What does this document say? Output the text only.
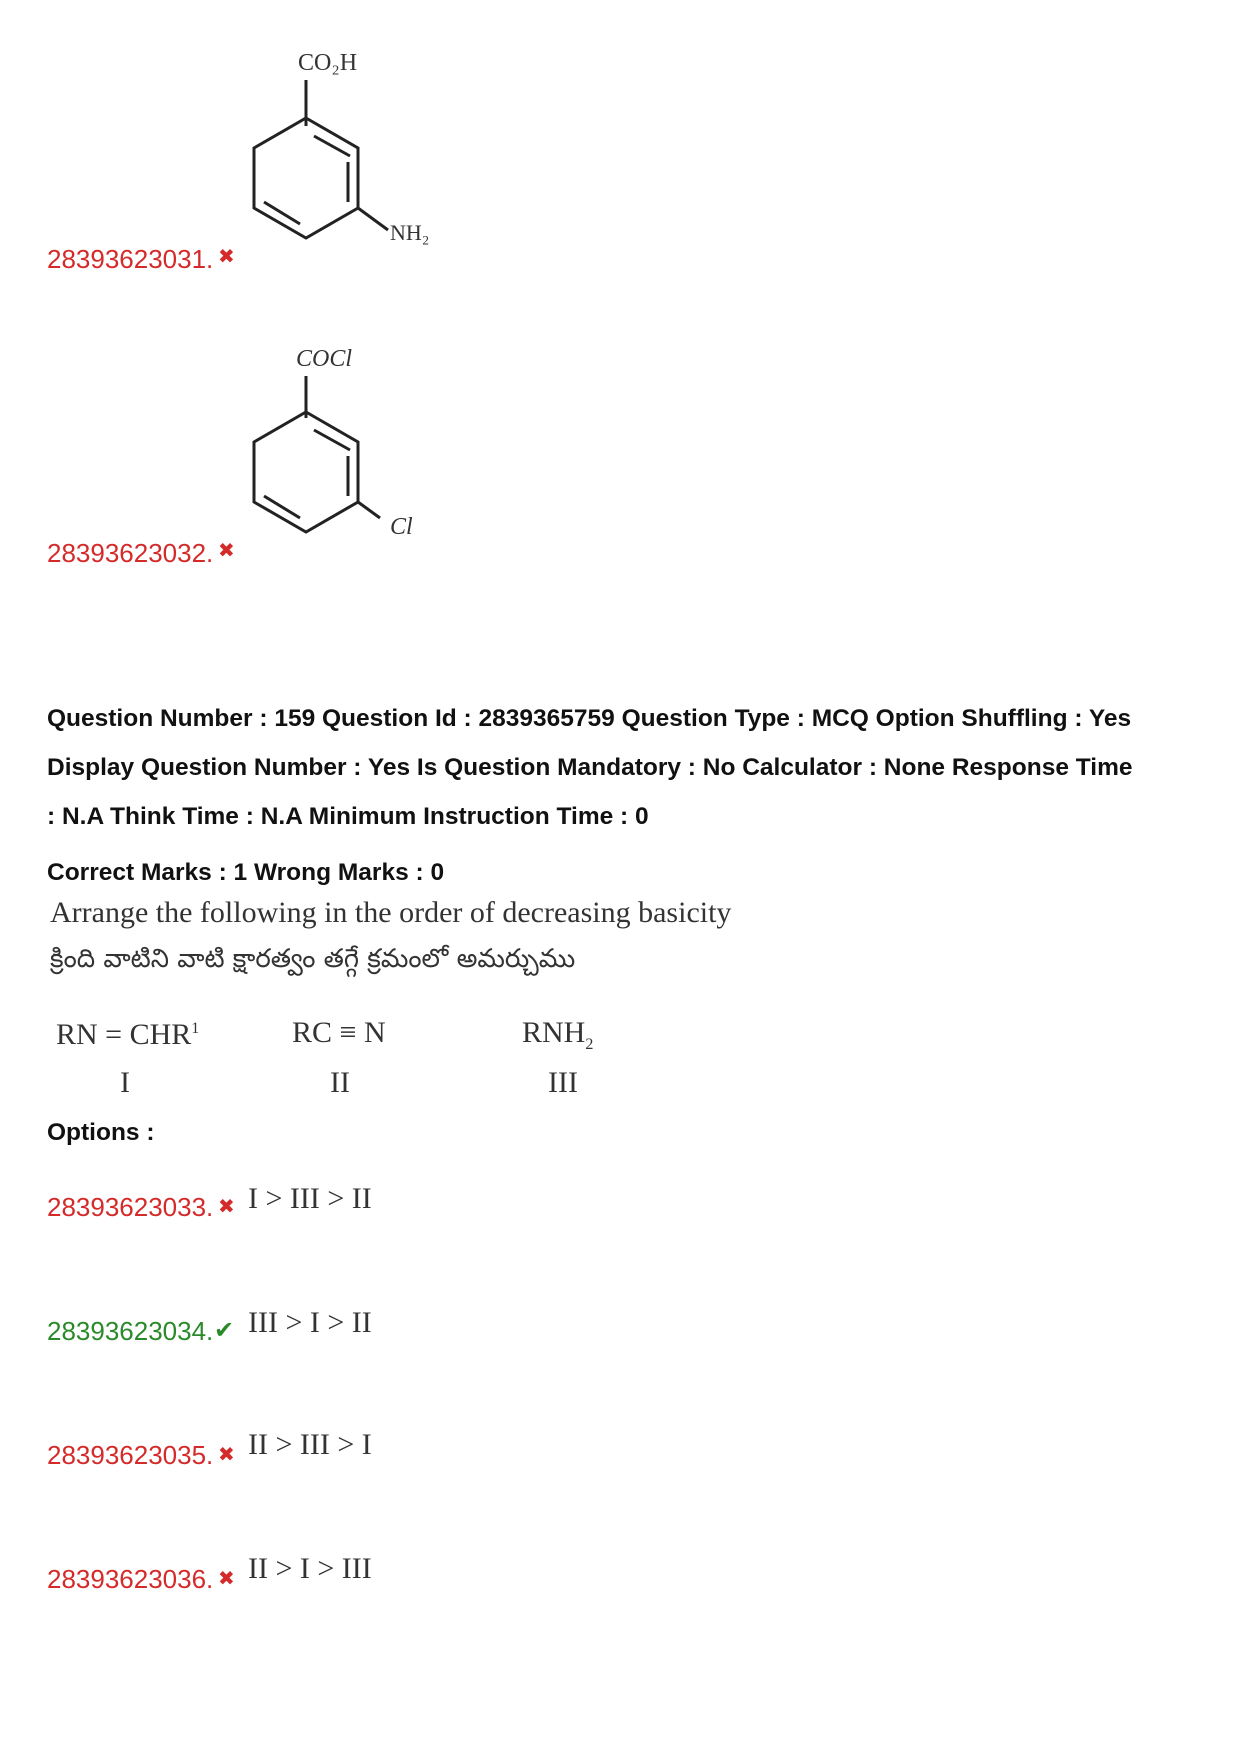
CO₂H
NH₂
28393623031. ✖
COCl
Cl
28393623032. ✖
Question Number : 159 Question Id : 2839365759 Question Type : MCQ Option Shuffling : Yes
Display Question Number : Yes Is Question Mandatory : No Calculator : None Response Time
: N.A Think Time : N.A Minimum Instruction Time : 0
Correct Marks : 1 Wrong Marks : 0
Arrange the following in the order of decreasing basicity
క్రింది వాటిని వాటి క్షారత్వం తగ్గే క్రమంలో అమర్చుము
RN = $CHR^1$
I
RC ≡ N
II
$RNH_2$
III
Options :
28393623033. ✖ I > III > II
28393623034. ✔ III > I > II
28393623035. ✖ II > III > I
28393623036. ✖ II > I > III
